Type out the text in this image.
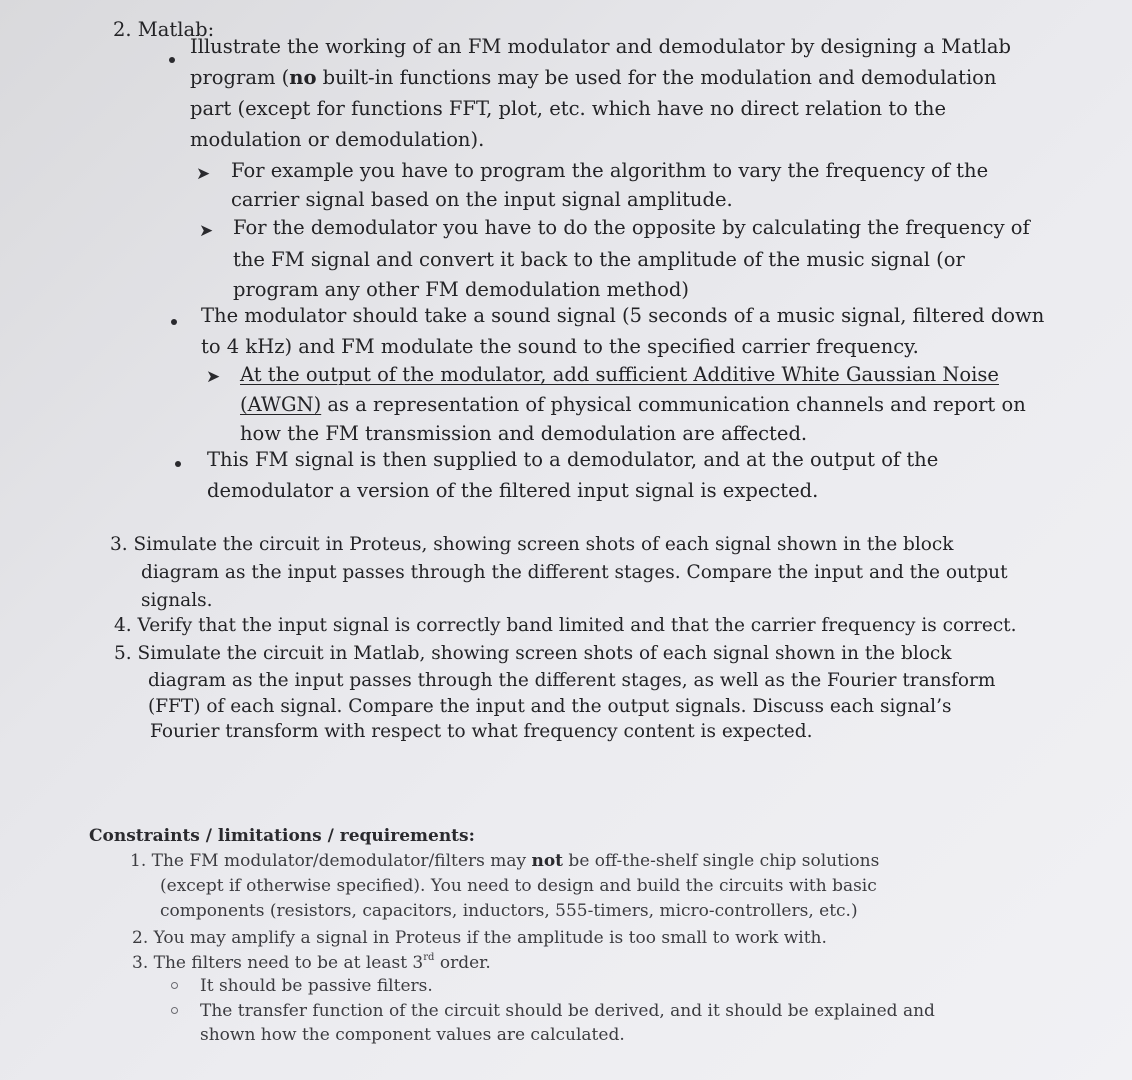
2. Matlab:
Illustrate the working of an FM modulator and demodulator by designing a Matlab
program (no built-in functions may be used for the modulation and demodulation
part (except for functions FFT, plot, etc. which have no direct relation to the
modulation or demodulation).
➤ For example you have to program the algorithm to vary the frequency of the
carrier signal based on the input signal amplitude.
➤ For the demodulator you have to do the opposite by calculating the frequency of
the FM signal and convert it back to the amplitude of the music signal (or
program any other FM demodulation method)
The modulator should take a sound signal (5 seconds of a music signal, filtered down
to 4 kHz) and FM modulate the sound to the specified carrier frequency.
➤ At the output of the modulator, add sufficient Additive White Gaussian Noise
(AWGN) as a representation of physical communication channels and report on
how the FM transmission and demodulation are affected.
This FM signal is then supplied to a demodulator, and at the output of the
demodulator a version of the filtered input signal is expected.
3. Simulate the circuit in Proteus, showing screen shots of each signal shown in the block
diagram as the input passes through the different stages. Compare the input and the output
signals.
4. Verify that the input signal is correctly band limited and that the carrier frequency is correct.
5. Simulate the circuit in Matlab, showing screen shots of each signal shown in the block
diagram as the input passes through the different stages, as well as the Fourier transform
(FFT) of each signal. Compare the input and the output signals. Discuss each signal’s
Fourier transform with respect to what frequency content is expected.
Constraints / limitations / requirements:
1. The FM modulator/demodulator/filters may not be off-the-shelf single chip solutions
(except if otherwise specified). You need to design and build the circuits with basic
components (resistors, capacitors, inductors, 555-timers, micro-controllers, etc.)
2. You may amplify a signal in Proteus if the amplitude is too small to work with.
3. The filters need to be at least 3rd order.
It should be passive filters.
The transfer function of the circuit should be derived, and it should be explained and
shown how the component values are calculated.
